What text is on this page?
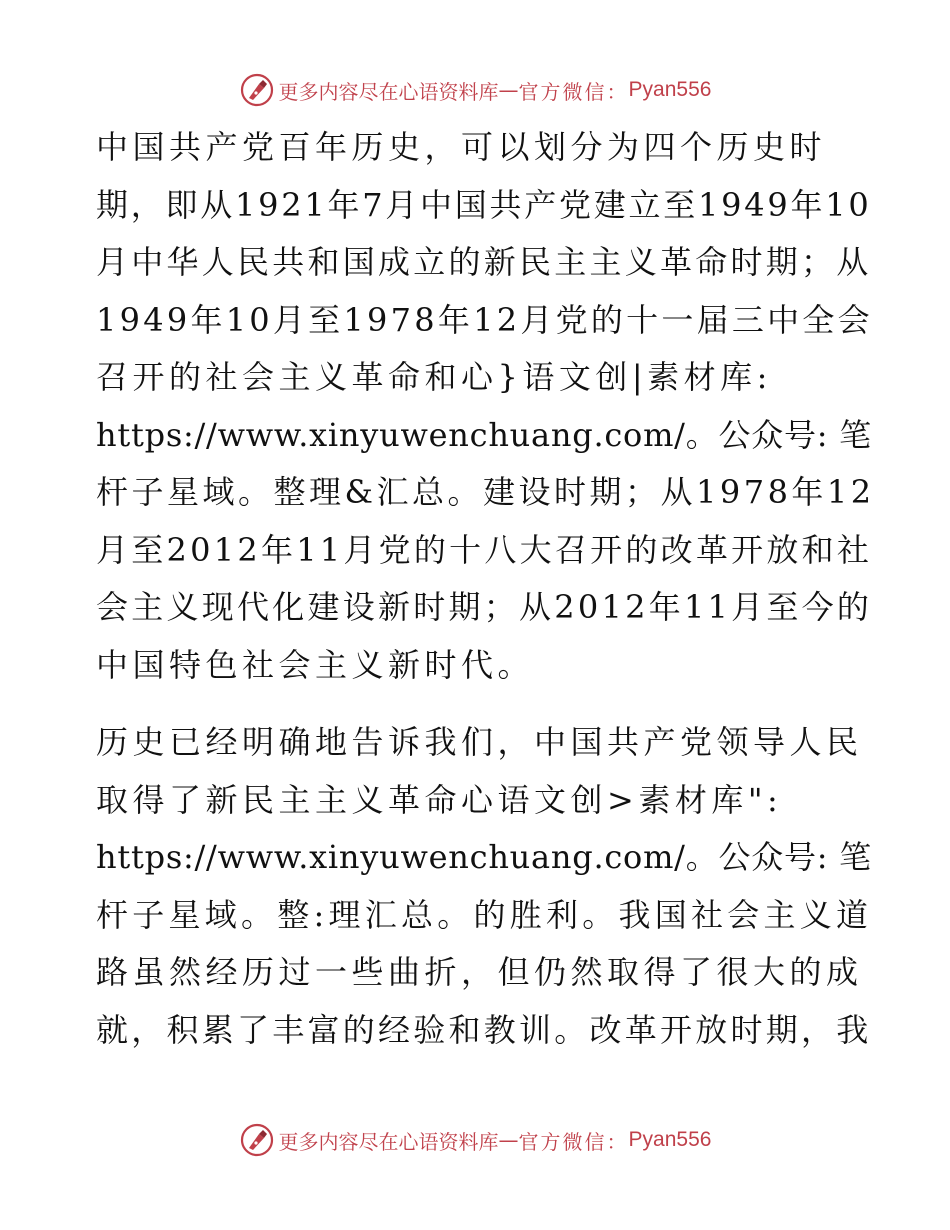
更多内容尽在心语资料库 — 官方微信： Pyan556
中国共产党百年历史，可以划分为四个历史时
期，即从1921年7月中国共产党建立至1949年10
月中华人民共和国成立的新民主主义革命时期；从
1949年10月至1978年12月党的十一届三中全会
召开的社会主义革命和心}语文创|素材库:
https://www.xinyuwenchuang.com/。公众号: 笔
杆子星域。整理&汇总。建设时期；从1978年12
月至2012年11月党的十八大召开的改革开放和社
会主义现代化建设新时期；从2012年11月至今的
中国特色社会主义新时代。
历史已经明确地告诉我们，中国共产党领导人民
取得了新民主主义革命心语文创>素材库":
https://www.xinyuwenchuang.com/。公众号: 笔
杆子星域。整:理汇总。的胜利。我国社会主义道
路虽然经历过一些曲折，但仍然取得了很大的成
就，积累了丰富的经验和教训。改革开放时期，我
更多内容尽在心语资料库 — 官方微信： Pyan556
